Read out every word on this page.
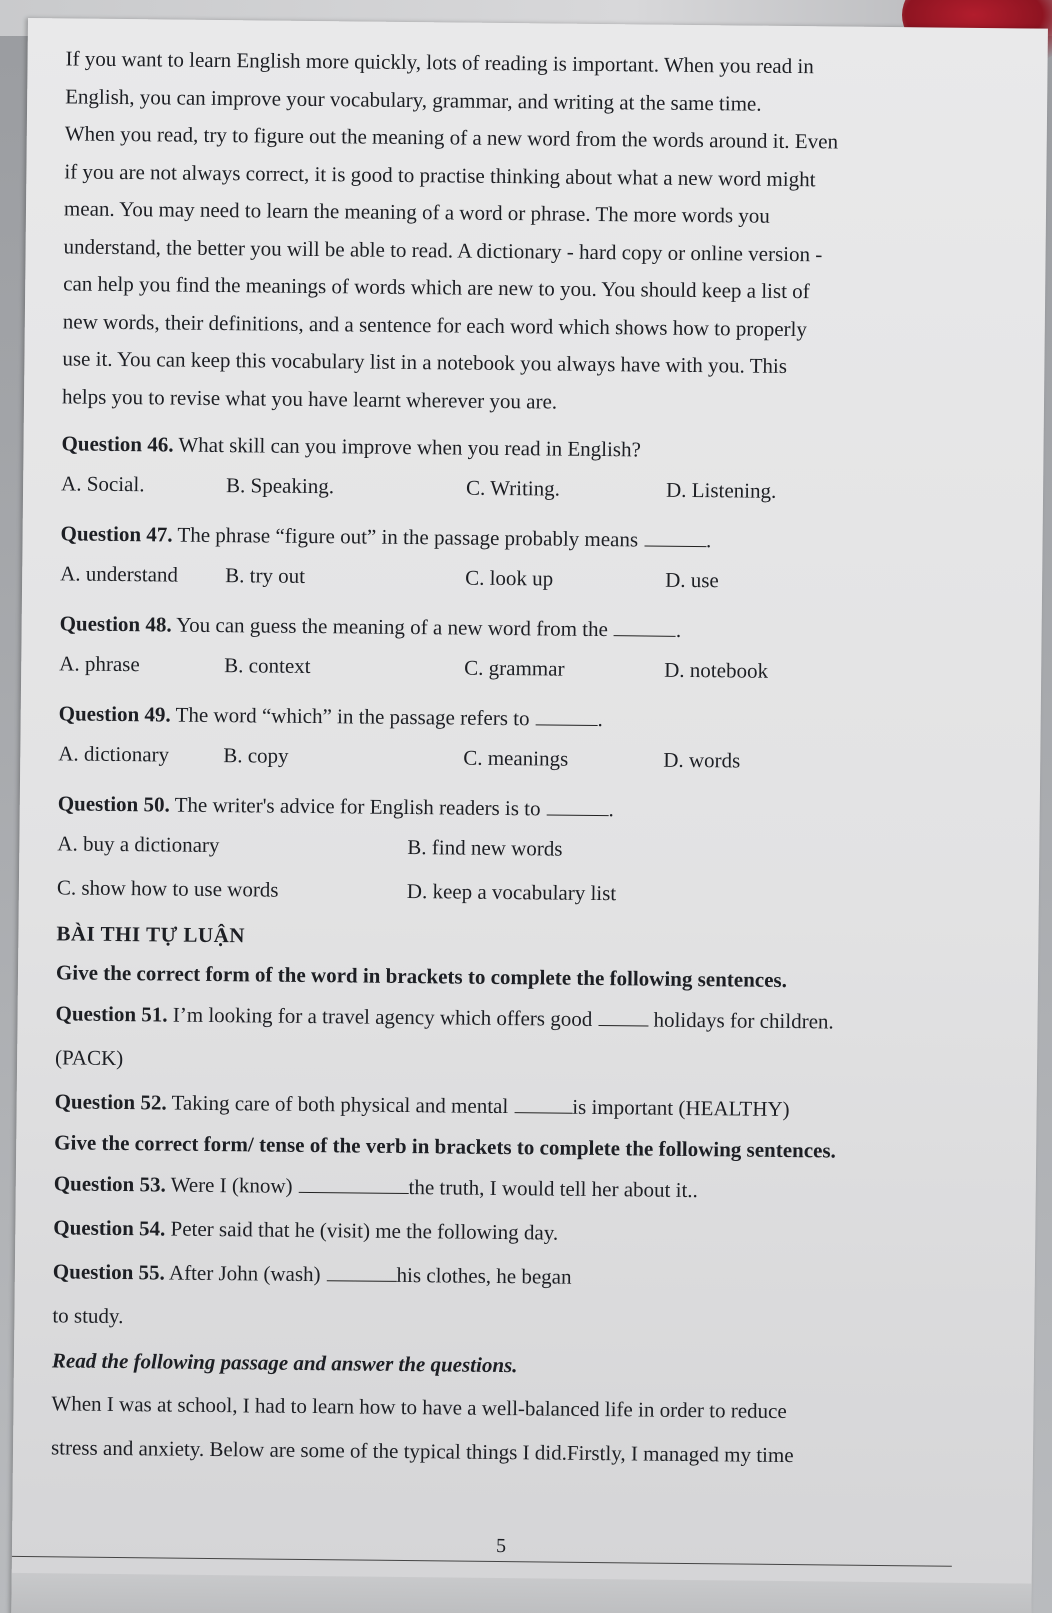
If you want to learn English more quickly, lots of reading is important. When you read in

English, you can improve your vocabulary, grammar, and writing at the same time.

When you read, try to figure out the meaning of a new word from the words around it. Even

if you are not always correct, it is good to practise thinking about what a new word might

mean. You may need to learn the meaning of a word or phrase. The more words you

understand, the better you will be able to read. A dictionary - hard copy or online version -

can help you find the meanings of words which are new to you. You should keep a list of

new words, their definitions, and a sentence for each word which shows how to properly

use it. You can keep this vocabulary list in a notebook you always have with you. This

helps you to revise what you have learnt wherever you are.

Question 46. What skill can you improve when you read in English?
A. Social.	B. Speaking.	C. Writing.	D. Listening.
Question 47. The phrase “figure out” in the passage probably means	.
A. understand	B. try out	C. look up	D. use
Question 48. You can guess the meaning of a new word from the	.
A. phrase	B. context	C. grammar	D. notebook
Question 49. The word “which” in the passage refers to	.
A. dictionary	B. copy	C. meanings	D. words
Question 50. The writer's advice for English readers is to	.
A. buy a dictionary	B. find new words
C. show how to use words	D. keep a vocabulary list
BÀI THI TỰ LUẬN
Give the correct form of the word in brackets to complete the following sentences.
Question 51. I’m looking for a travel agency which offers good	holidays for children.
(PACK)
Question 52. Taking care of both physical and mental	is important (HEALTHY)
Give the correct form/ tense of the verb in brackets to complete the following sentences.
Question 53. Were I (know)	the truth, I would tell her about it..
Question 54. Peter said that he (visit) me the following day.
Question 55. After John (wash)	his clothes, he began
to study.
Read the following passage and answer the questions.

When I was at school, I had to learn how to have a well-balanced life in order to reduce

stress and anxiety. Below are some of the typical things I did.Firstly, I managed my time

5
